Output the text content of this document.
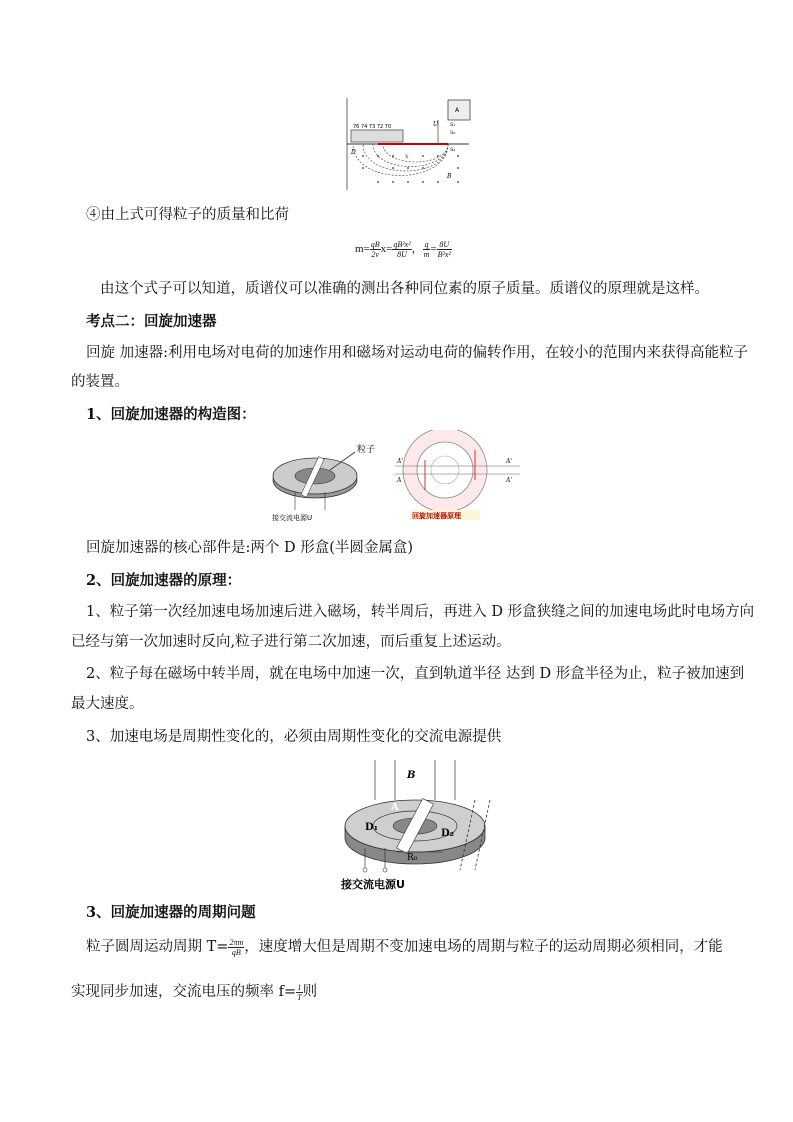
76 74 73 72 70
A
U S₁
S₂
S₃
D
B
x
④由上式可得粒子的质量和比荷
$m= \frac{qB}{2v} x= \frac{\text{qB²x²}}{8U}$ ， $\frac{q}{m} = \frac{8U}{\text{B²x²}}$
由这个式子可以知道，质谱仪可以准确的测出各种同位素的原子质量。质谱仪的原理就是这样。
考点二：回旋加速器
回旋 加速器:利用电场对电荷的加速作用和磁场对运动电荷的偏转作用，在较小的范围内来获得高能粒子
的装置。
1、回旋加速器的构造图：
粒子
接交流电源U
A'
A
A'
A'
回旋加速器原理
回旋加速器的核心部件是:两个 D 形盒(半圆金属盒)
2、回旋加速器的原理：
1、粒子第一次经加速电场加速后进入磁场，转半周后，再进入 D 形盒狭缝之间的加速电场此时电场方向
已经与第一次加速时反向,粒子进行第二次加速，而后重复上述运动。
2、粒子每在磁场中转半周，就在电场中加速一次，直到轨道半径 达到 D 形盒半径为止，粒子被加速到
最大速度。
3、加速电场是周期性变化的，必须由周期性变化的交流电源提供
B
A
D₁
D₂
R₀
接交流电源U
3、回旋加速器的周期问题
粒子圆周运动周期 $T= \frac{2\pi m}{qB}$ ，速度增大但是周期不变加速电场的周期与粒子的运动周期必须相同，才能
实现同步加速，交流电压的频率 $f= \frac{1}{T}$ 则
